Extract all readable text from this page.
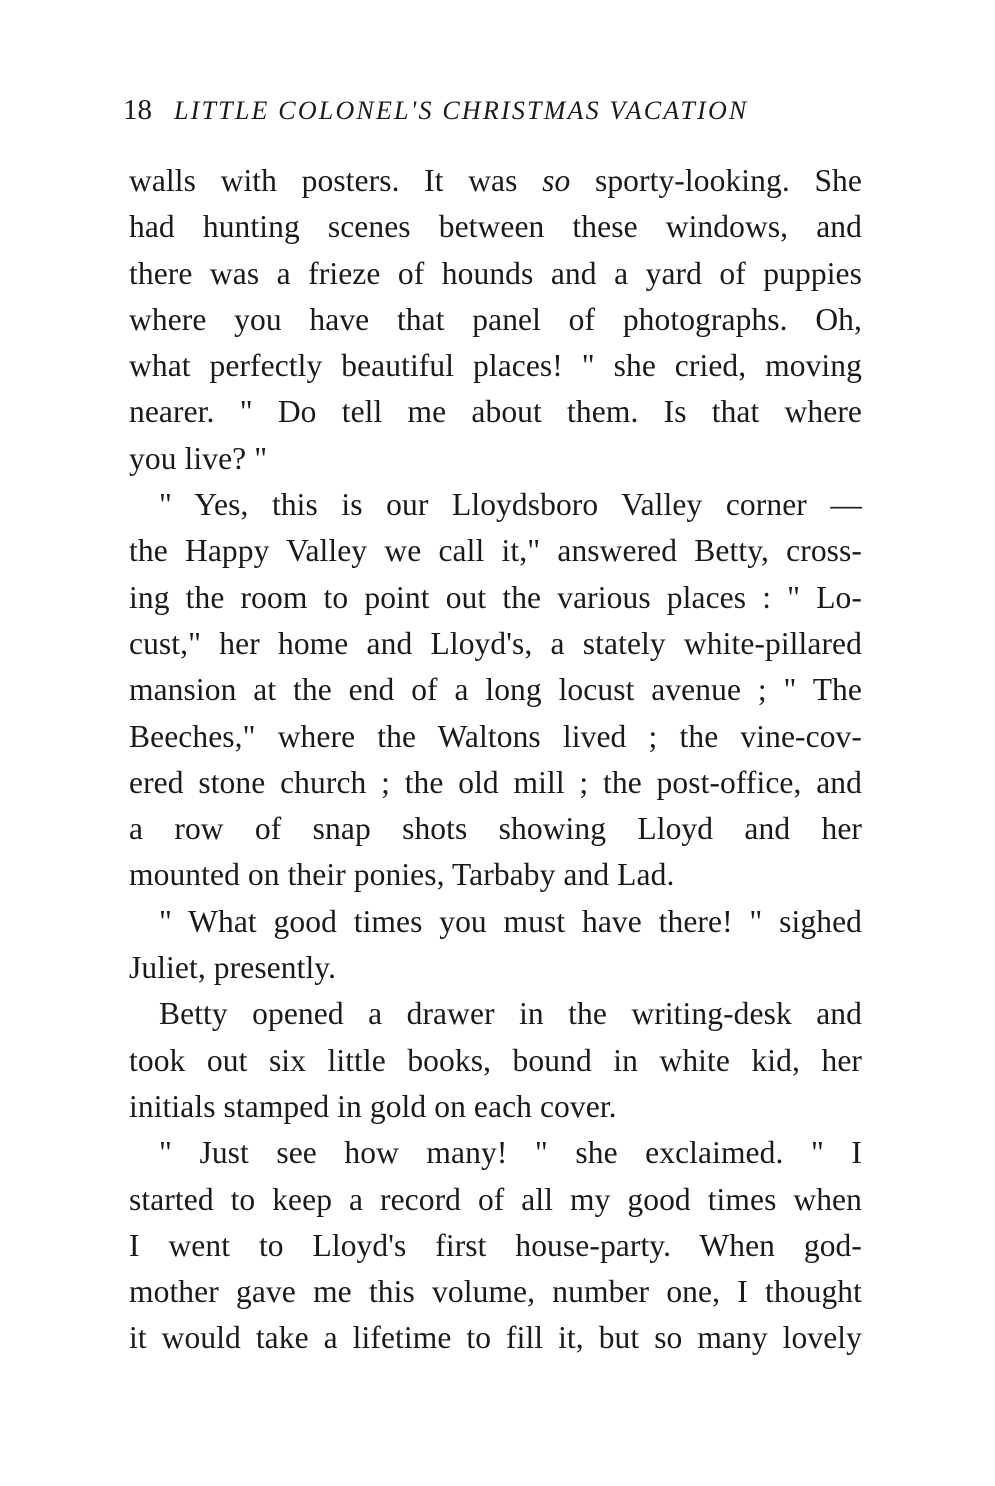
18 LITTLE COLONEL'S CHRISTMAS VACATION
walls with posters. It was so sporty-looking. She
had hunting scenes between these windows, and
there was a frieze of hounds and a yard of puppies
where you have that panel of photographs. Oh,
what perfectly beautiful places! " she cried, moving
nearer. " Do tell me about them. Is that where
you live? "
" Yes, this is our Lloydsboro Valley corner —
the Happy Valley we call it," answered Betty, cross-
ing the room to point out the various places : " Lo-
cust," her home and Lloyd's, a stately white-pillared
mansion at the end of a long locust avenue ; " The
Beeches," where the Waltons lived ; the vine-cov-
ered stone church ; the old mill ; the post-office, and
a row of snap shots showing Lloyd and her
mounted on their ponies, Tarbaby and Lad.
" What good times you must have there! " sighed
Juliet, presently.
Betty opened a drawer in the writing-desk and
took out six little books, bound in white kid, her
initials stamped in gold on each cover.
" Just see how many! " she exclaimed. " I
started to keep a record of all my good times when
I went to Lloyd's first house-party. When god-
mother gave me this volume, number one, I thought
it would take a lifetime to fill it, but so many lovely
